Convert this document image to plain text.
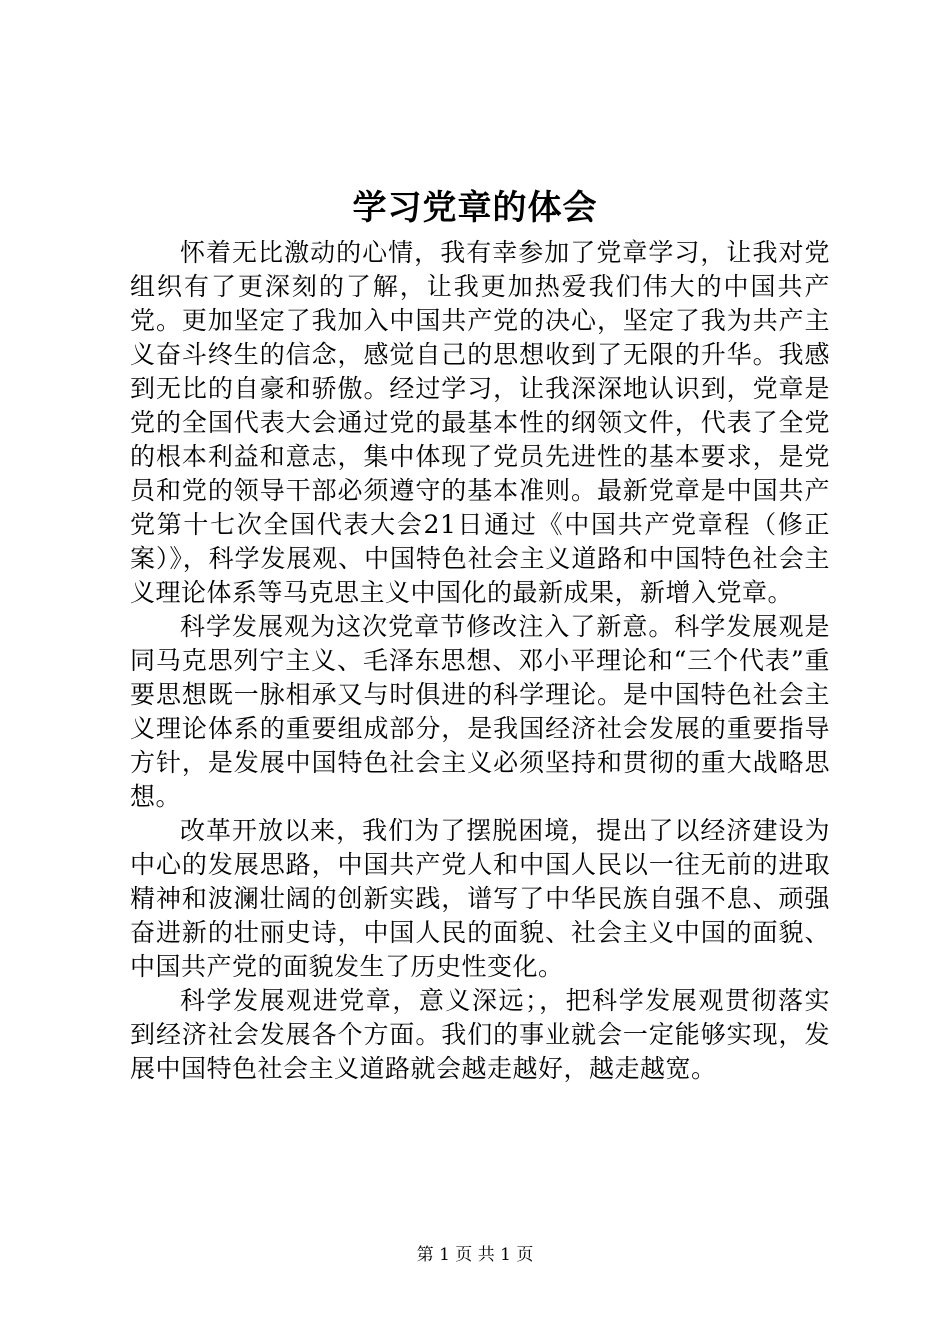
学习党章的体会

怀着无比激动的心情，我有幸参加了党章学习，让我对党组织有了更深刻的了解，让我更加热爱我们伟大的中国共产党。更加坚定了我加入中国共产党的决心，坚定了我为共产主义奋斗终生的信念，感觉自己的思想收到了无限的升华。我感到无比的自豪和骄傲。经过学习，让我深深地认识到，党章是党的全国代表大会通过党的最基本性的纲领文件，代表了全党的根本利益和意志，集中体现了党员先进性的基本要求，是党员和党的领导干部必须遵守的基本准则。最新党章是中国共产党第十七次全国代表大会21日通过《中国共产党章程（修正案）》，科学发展观、中国特色社会主义道路和中国特色社会主义理论体系等马克思主义中国化的最新成果，新增入党章。

科学发展观为这次党章节修改注入了新意。科学发展观是同马克思列宁主义、毛泽东思想、邓小平理论和“三个代表”重要思想既一脉相承又与时俱进的科学理论。是中国特色社会主义理论体系的重要组成部分，是我国经济社会发展的重要指导方针，是发展中国特色社会主义必须坚持和贯彻的重大战略思想。

改革开放以来，我们为了摆脱困境，提出了以经济建设为中心的发展思路，中国共产党人和中国人民以一往无前的进取精神和波澜壮阔的创新实践，谱写了中华民族自强不息、顽强奋进新的壮丽史诗，中国人民的面貌、社会主义中国的面貌、中国共产党的面貌发生了历史性变化。

科学发展观进党章，意义深远；，把科学发展观贯彻落实到经济社会发展各个方面。我们的事业就会一定能够实现，发展中国特色社会主义道路就会越走越好，越走越宽。

第 1 页 共 1 页
